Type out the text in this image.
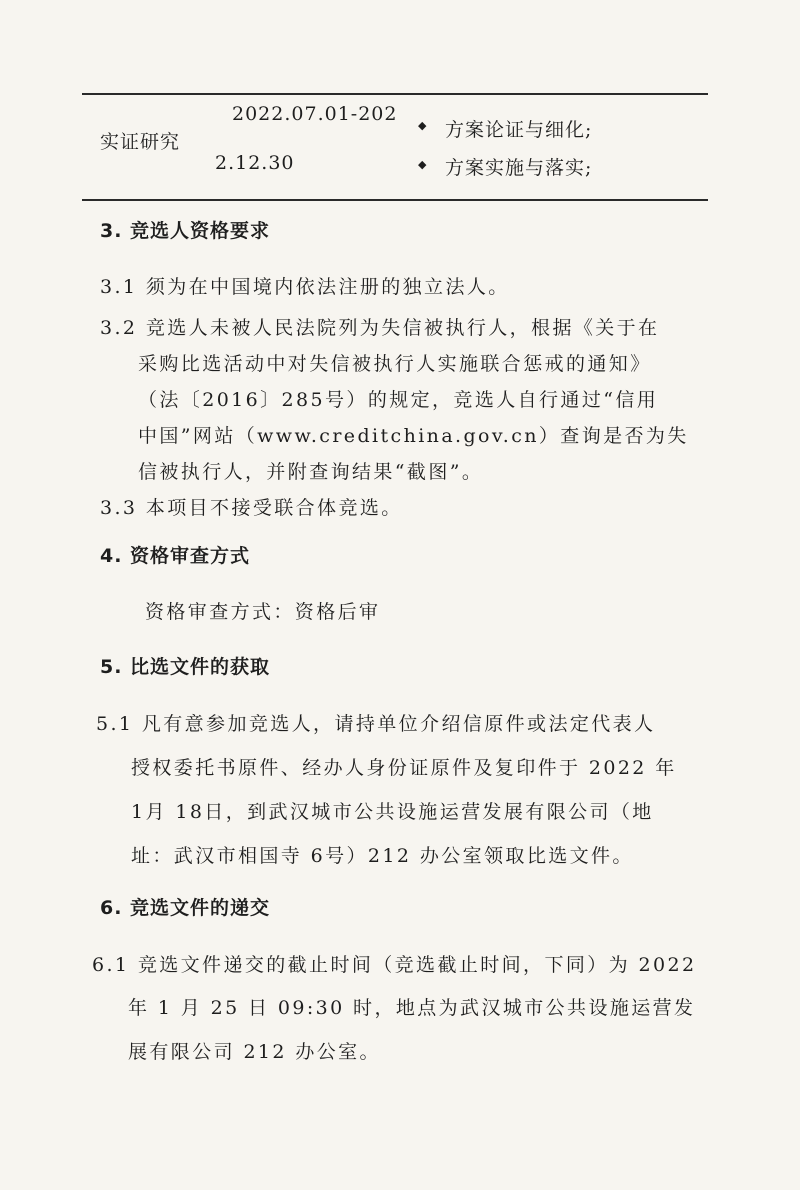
实证研究
2022.07.01-202
2.12.30
◆ 方案论证与细化;
◆ 方案实施与落实;
3. 竞选人资格要求
3.1 须为在中国境内依法注册的独立法人。
3.2 竞选人未被人民法院列为失信被执行人，根据《关于在
采购比选活动中对失信被执行人实施联合惩戒的通知》
（法〔2016〕285号）的规定，竞选人自行通过“信用
中国”网站（www.creditchina.gov.cn）查询是否为失
信被执行人，并附查询结果“截图”。
3.3 本项目不接受联合体竞选。
4. 资格审查方式
资格审查方式：资格后审
5. 比选文件的获取
5.1 凡有意参加竞选人，请持单位介绍信原件或法定代表人
授权委托书原件、经办人身份证原件及复印件于 2022 年
1月 18日，到武汉城市公共设施运营发展有限公司（地
址：武汉市相国寺 6号）212 办公室领取比选文件。
6. 竞选文件的递交
6.1 竞选文件递交的截止时间（竞选截止时间，下同）为 2022
年 1 月 25 日 09:30 时，地点为武汉城市公共设施运营发
展有限公司 212 办公室。
